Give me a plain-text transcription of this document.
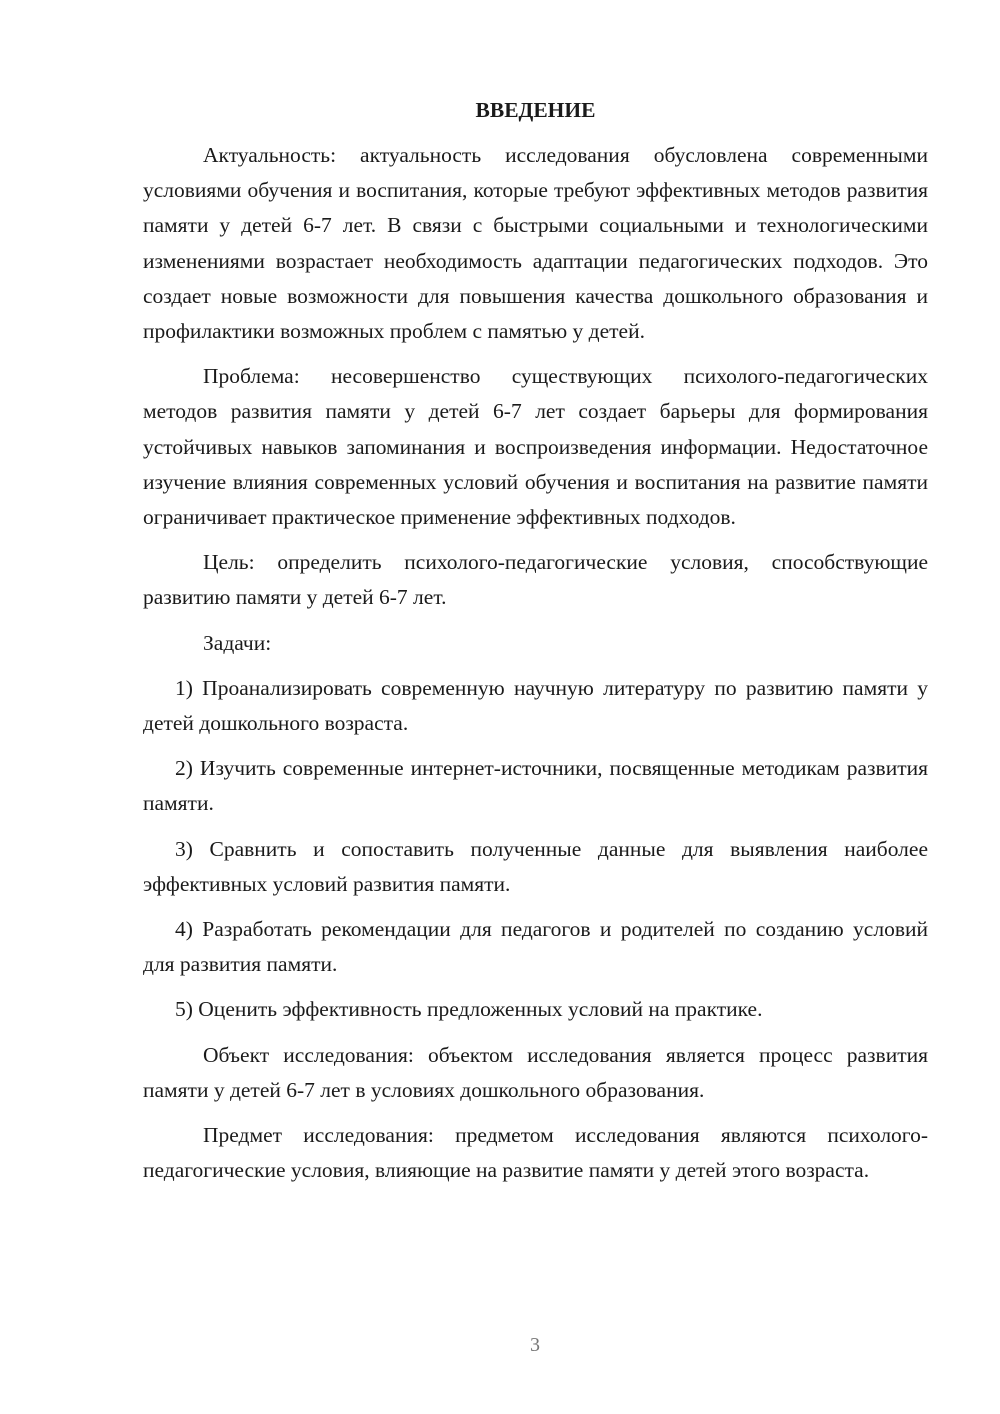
ВВЕДЕНИЕ

Актуальность: актуальность исследования обусловлена современными условиями обучения и воспитания, которые требуют эффективных методов развития памяти у детей 6-7 лет. В связи с быстрыми социальными и технологическими изменениями возрастает необходимость адаптации педагогических подходов. Это создает новые возможности для повышения качества дошкольного образования и профилактики возможных проблем с памятью у детей.

Проблема: несовершенство существующих психолого-педагогических методов развития памяти у детей 6-7 лет создает барьеры для формирования устойчивых навыков запоминания и воспроизведения информации. Недостаточное изучение влияния современных условий обучения и воспитания на развитие памяти ограничивает практическое применение эффективных подходов.

Цель: определить психолого-педагогические условия, способствующие развитию памяти у детей 6-7 лет.

Задачи:

1) Проанализировать современную научную литературу по развитию памяти у детей дошкольного возраста.

2) Изучить современные интернет-источники, посвященные методикам развития памяти.

3) Сравнить и сопоставить полученные данные для выявления наиболее эффективных условий развития памяти.

4) Разработать рекомендации для педагогов и родителей по созданию условий для развития памяти.

5) Оценить эффективность предложенных условий на практике.

Объект исследования: объектом исследования является процесс развития памяти у детей 6-7 лет в условиях дошкольного образования.

Предмет исследования: предметом исследования являются психолого-педагогические условия, влияющие на развитие памяти у детей этого возраста.

3
